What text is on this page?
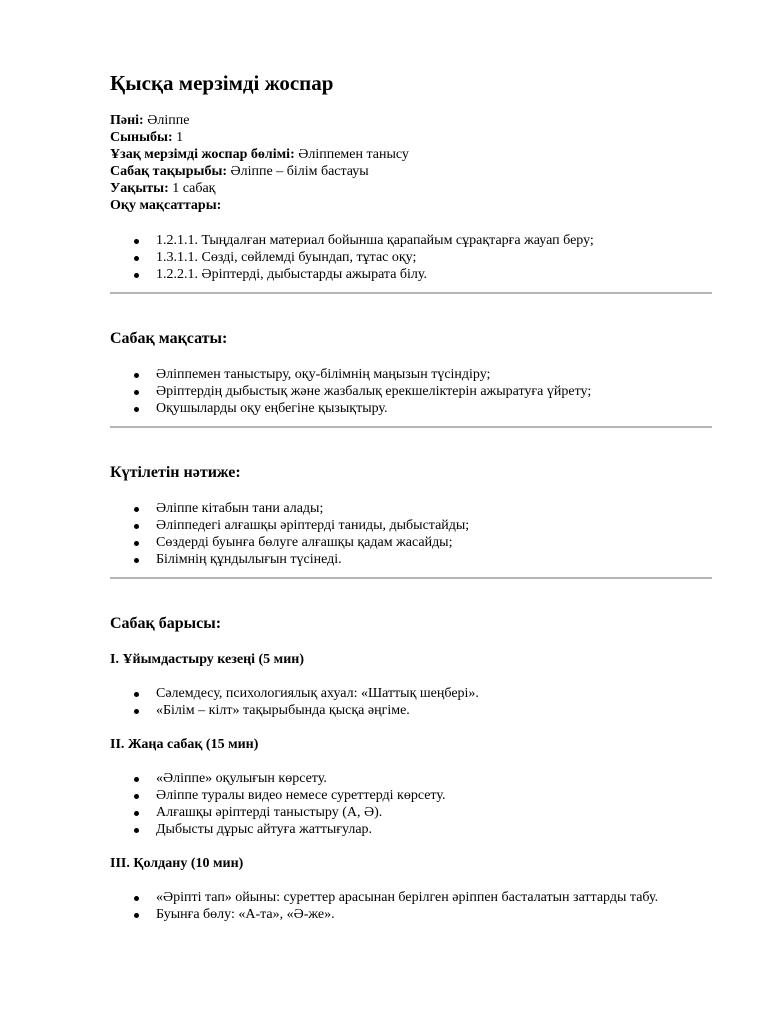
Қысқа мерзімді жоспар
Пәні: Әліппе
Сыныбы: 1
Ұзақ мерзімді жоспар бөлімі: Әліппемен танысу
Сабақ тақырыбы: Әліппе – білім бастауы
Уақыты: 1 сабақ
Оқу мақсаттары:
1.2.1.1. Тыңдалған материал бойынша қарапайым сұрақтарға жауап беру;
1.3.1.1. Сөзді, сөйлемді буындап, тұтас оқу;
1.2.2.1. Әріптерді, дыбыстарды ажырата білу.
Сабақ мақсаты:
Әліппемен таныстыру, оқу-білімнің маңызын түсіндіру;
Әріптердің дыбыстық және жазбалық ерекшеліктерін ажыратуға үйрету;
Оқушыларды оқу еңбегіне қызықтыру.
Күтілетін нәтиже:
Әліппе кітабын тани алады;
Әліппедегі алғашқы әріптерді таниды, дыбыстайды;
Сөздерді буынға бөлуге алғашқы қадам жасайды;
Білімнің құндылығын түсінеді.
Сабақ барысы:
I. Ұйымдастыру кезеңі (5 мин)
Сәлемдесу, психологиялық ахуал: «Шаттық шеңбері».
«Білім – кілт» тақырыбында қысқа әңгіме.
II. Жаңа сабақ (15 мин)
«Әліппе» оқулығын көрсету.
Әліппе туралы видео немесе суреттерді көрсету.
Алғашқы әріптерді таныстыру (А, Ә).
Дыбысты дұрыс айтуға жаттығулар.
III. Қолдану (10 мин)
«Әріпті тап» ойыны: суреттер арасынан берілген әріппен басталатын заттарды табу.
Буынға бөлу: «А-та», «Ә-же».
